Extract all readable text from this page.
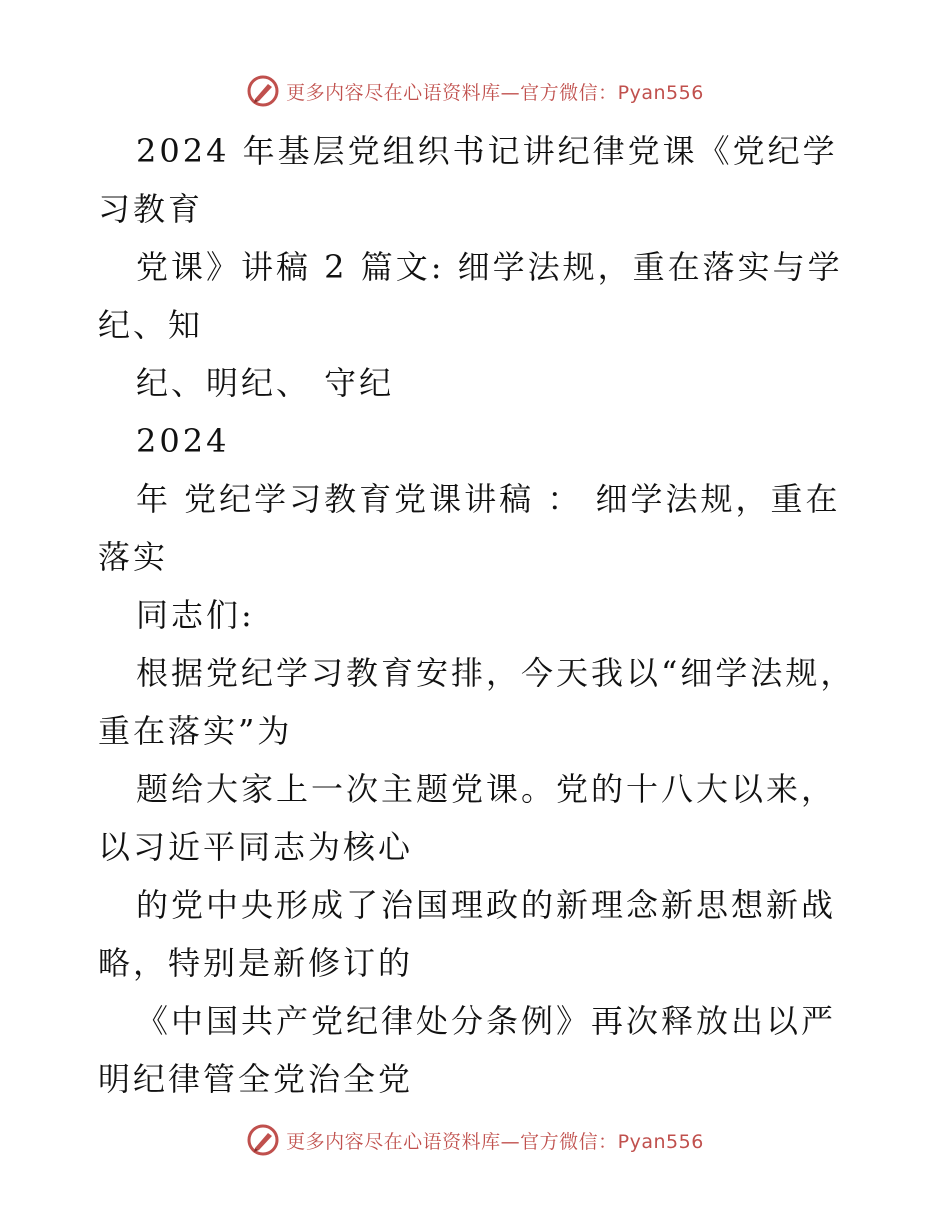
更多内容尽在心语资料库—官方微信：Pyan556

2024 年基层党组织书记讲纪律党课《党纪学习教育

党课》讲稿 2 篇文: 细学法规，重在落实与学纪、知

纪、明纪、 守纪

2024

年 党纪学习教育党课讲稿 ： 细学法规，重在落实

同志们:

根据党纪学习教育安排，今天我以“细学法规，重在落实”为

题给大家上一次主题党课。党的十八大以来，以习近平同志为核心

的党中央形成了治国理政的新理念新思想新战略，特别是新修订的

《中国共产党纪律处分条例》再次释放出以严明纪律管全党治全党

更多内容尽在心语资料库—官方微信：Pyan556
